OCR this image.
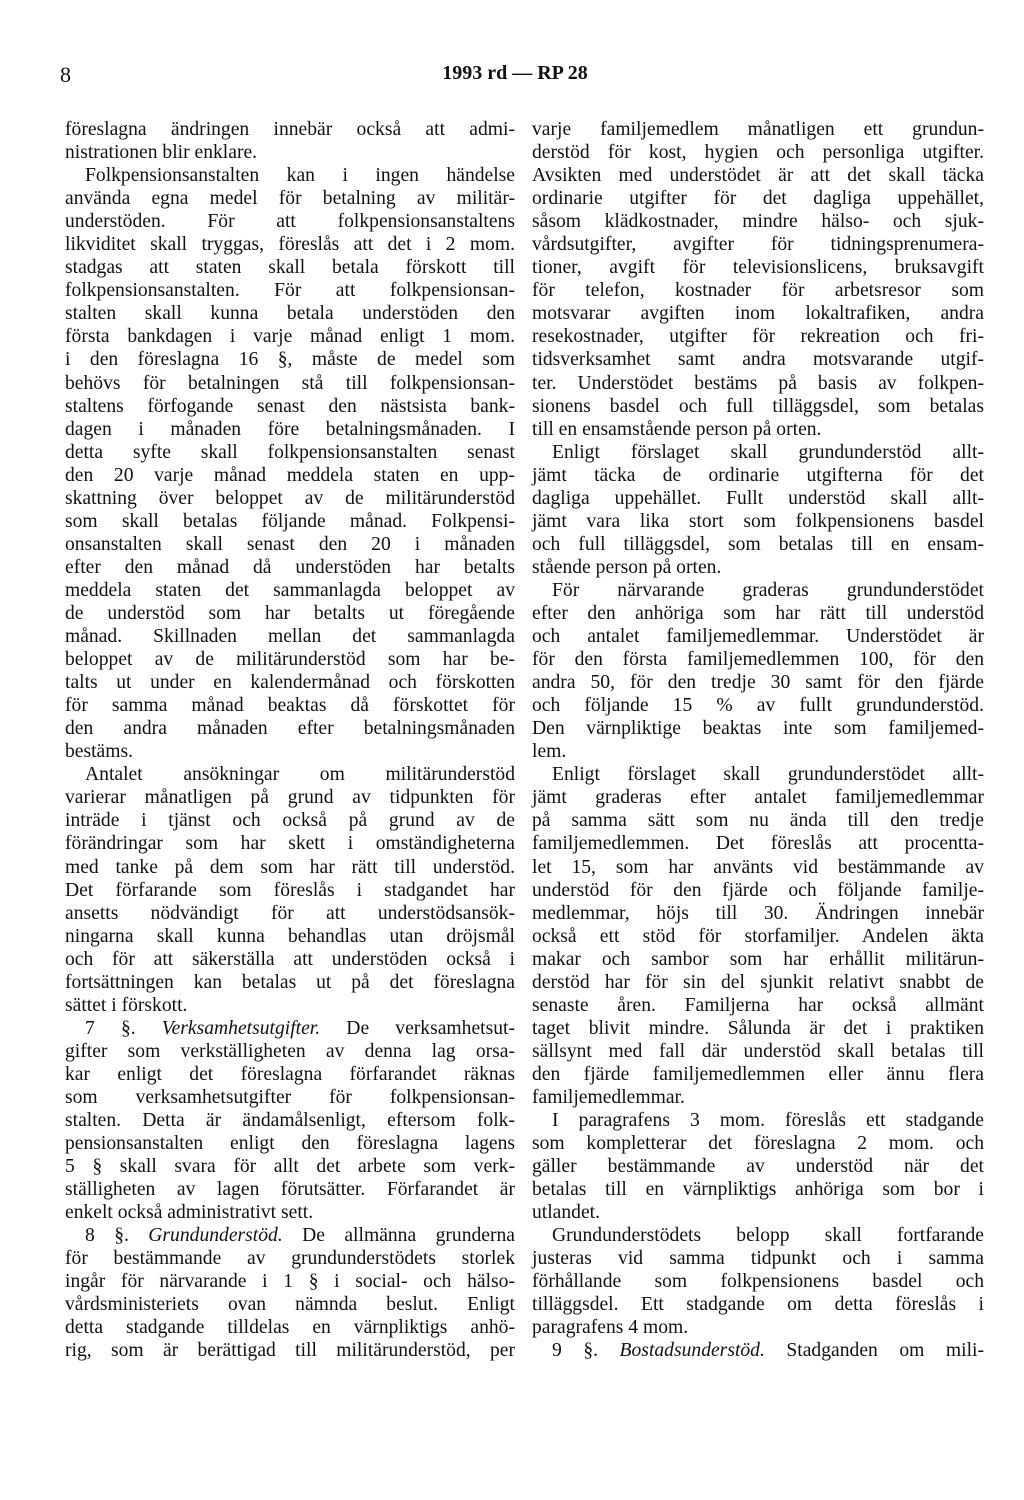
8	1993 rd — RP 28
föreslagna ändringen innebär också att admi-
nistrationen blir enklare.
Folkpensionsanstalten kan i ingen händelse
använda egna medel för betalning av militär-
understöden. För att folkpensionsanstaltens
likviditet skall tryggas, föreslås att det i 2 mom.
stadgas att staten skall betala förskott till
folkpensionsanstalten. För att folkpensionsan-
stalten skall kunna betala understöden den
första bankdagen i varje månad enligt 1 mom.
i den föreslagna 16 §, måste de medel som
behövs för betalningen stå till folkpensionsan-
staltens förfogande senast den nästsista bank-
dagen i månaden före betalningsmånaden. I
detta syfte skall folkpensionsanstalten senast
den 20 varje månad meddela staten en upp-
skattning över beloppet av de militärunderstöd
som skall betalas följande månad. Folkpensi-
onsanstalten skall senast den 20 i månaden
efter den månad då understöden har betalts
meddela staten det sammanlagda beloppet av
de understöd som har betalts ut föregående
månad. Skillnaden mellan det sammanlagda
beloppet av de militärunderstöd som har be-
talts ut under en kalendermånad och förskotten
för samma månad beaktas då förskottet för
den andra månaden efter betalningsmånaden
bestäms.
Antalet ansökningar om militärunderstöd
varierar månatligen på grund av tidpunkten för
inträde i tjänst och också på grund av de
förändringar som har skett i omständigheterna
med tanke på dem som har rätt till understöd.
Det förfarande som föreslås i stadgandet har
ansetts nödvändigt för att understödsansök-
ningarna skall kunna behandlas utan dröjsmål
och för att säkerställa att understöden också i
fortsättningen kan betalas ut på det föreslagna
sättet i förskott.
7 §. Verksamhetsutgifter. De verksamhetsut-
gifter som verkställigheten av denna lag orsa-
kar enligt det föreslagna förfarandet räknas
som verksamhetsutgifter för folkpensionsan-
stalten. Detta är ändamålsenligt, eftersom folk-
pensionsanstalten enligt den föreslagna lagens
5 § skall svara för allt det arbete som verk-
ställigheten av lagen förutsätter. Förfarandet är
enkelt också administrativt sett.
8 §. Grundunderstöd. De allmänna grunderna
för bestämmande av grundunderstödets storlek
ingår för närvarande i 1 § i social- och hälso-
vårdsministeriets ovan nämnda beslut. Enligt
detta stadgande tilldelas en värnpliktigs anhö-
rig, som är berättigad till militärunderstöd, per
varje familjemedlem månatligen ett grundun-
derstöd för kost, hygien och personliga utgifter.
Avsikten med understödet är att det skall täcka
ordinarie utgifter för det dagliga uppehället,
såsom klädkostnader, mindre hälso- och sjuk-
vårdsutgifter, avgifter för tidningsprenumera-
tioner, avgift för televisionslicens, bruksavgift
för telefon, kostnader för arbetsresor som
motsvarar avgiften inom lokaltrafiken, andra
resekostnader, utgifter för rekreation och fri-
tidsverksamhet samt andra motsvarande utgif-
ter. Understödet bestäms på basis av folkpen-
sionens basdel och full tilläggsdel, som betalas
till en ensamstående person på orten.
Enligt förslaget skall grundunderstöd allt-
jämt täcka de ordinarie utgifterna för det
dagliga uppehället. Fullt understöd skall allt-
jämt vara lika stort som folkpensionens basdel
och full tilläggsdel, som betalas till en ensam-
stående person på orten.
För närvarande graderas grundunderstödet
efter den anhöriga som har rätt till understöd
och antalet familjemedlemmar. Understödet är
för den första familjemedlemmen 100, för den
andra 50, för den tredje 30 samt för den fjärde
och följande 15 % av fullt grundunderstöd.
Den värnpliktige beaktas inte som familjemed-
lem.
Enligt förslaget skall grundunderstödet allt-
jämt graderas efter antalet familjemedlemmar
på samma sätt som nu ända till den tredje
familjemedlemmen. Det föreslås att procentta-
let 15, som har använts vid bestämmande av
understöd för den fjärde och följande familje-
medlemmar, höjs till 30. Ändringen innebär
också ett stöd för storfamiljer. Andelen äkta
makar och sambor som har erhållit militärun-
derstöd har för sin del sjunkit relativt snabbt de
senaste åren. Familjerna har också allmänt
taget blivit mindre. Sålunda är det i praktiken
sällsynt med fall där understöd skall betalas till
den fjärde familjemedlemmen eller ännu flera
familjemedlemmar.
I paragrafens 3 mom. föreslås ett stadgande
som kompletterar det föreslagna 2 mom. och
gäller bestämmande av understöd när det
betalas till en värnpliktigs anhöriga som bor i
utlandet.
Grundunderstödets belopp skall fortfarande
justeras vid samma tidpunkt och i samma
förhållande som folkpensionens basdel och
tilläggsdel. Ett stadgande om detta föreslås i
paragrafens 4 mom.
9 §. Bostadsunderstöd. Stadganden om mili-
